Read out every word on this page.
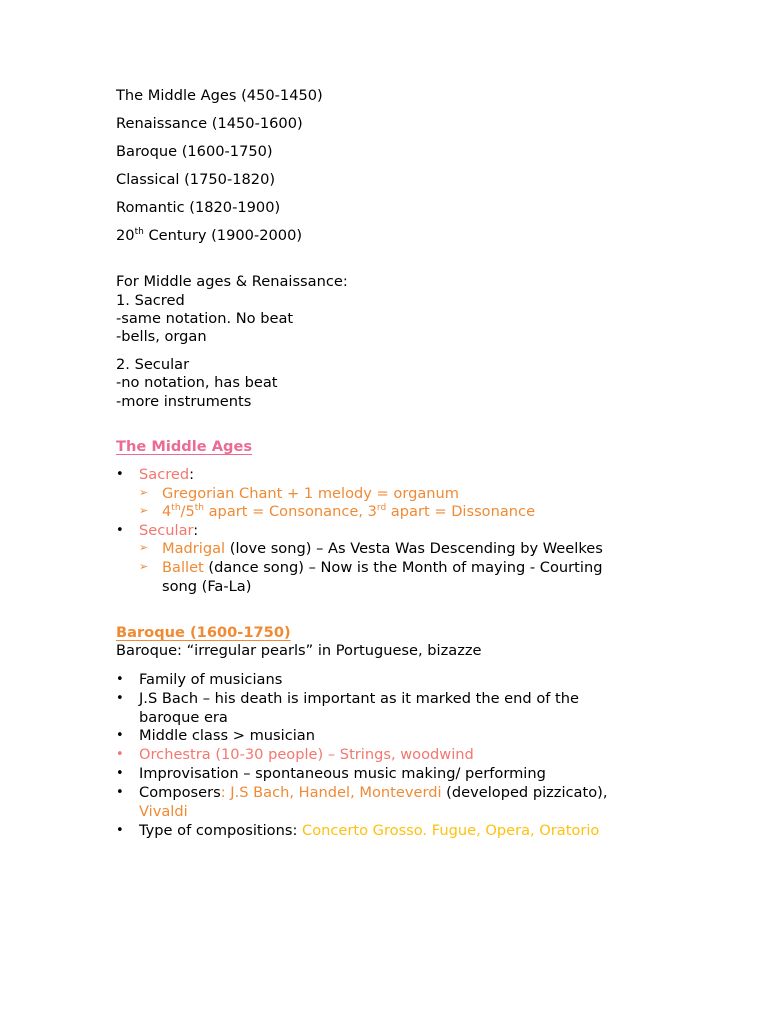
The Middle Ages (450-1450)
Renaissance (1450-1600)
Baroque (1600-1750)
Classical (1750-1820)
Romantic (1820-1900)
20th Century (1900-2000)
For Middle ages & Renaissance:
1. Sacred
-same notation. No beat
-bells, organ
2. Secular
-no notation, has beat
-more instruments
The Middle Ages
• Sacred:
➢ Gregorian Chant + 1 melody = organum
➢ 4th/5th apart = Consonance, 3rd apart = Dissonance
• Secular:
➢ Madrigal (love song) – As Vesta Was Descending by Weelkes
➢ Ballet (dance song) – Now is the Month of maying - Courting
song (Fa-La)
Baroque (1600-1750)
Baroque: “irregular pearls” in Portuguese, bizazze
• Family of musicians
• J.S Bach – his death is important as it marked the end of the
baroque era
• Middle class > musician
• Orchestra (10-30 people) – Strings, woodwind
• Improvisation – spontaneous music making/ performing
• Composers: J.S Bach, Handel, Monteverdi (developed pizzicato),
Vivaldi
• Type of compositions: Concerto Grosso. Fugue, Opera, Oratorio
